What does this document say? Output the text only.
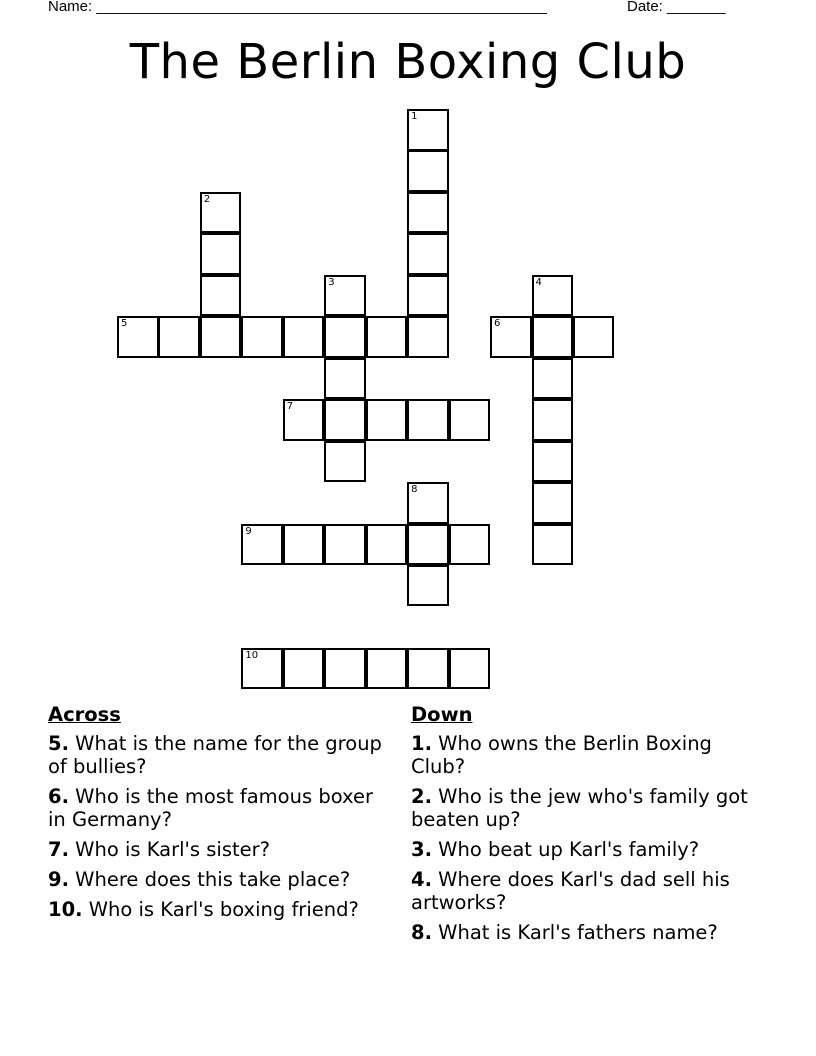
Name: ______________________________________________________	Date: _______
The Berlin Boxing Club
1
2
3	4
5	6
7
8
9
10
Across
5. What is the name for the group of bullies?
6. Who is the most famous boxer in Germany?
7. Who is Karl's sister?
9. Where does this take place?
10. Who is Karl's boxing friend?
Down
1. Who owns the Berlin Boxing Club?
2. Who is the jew who's family got beaten up?
3. Who beat up Karl's family?
4. Where does Karl's dad sell his artworks?
8. What is Karl's fathers name?
